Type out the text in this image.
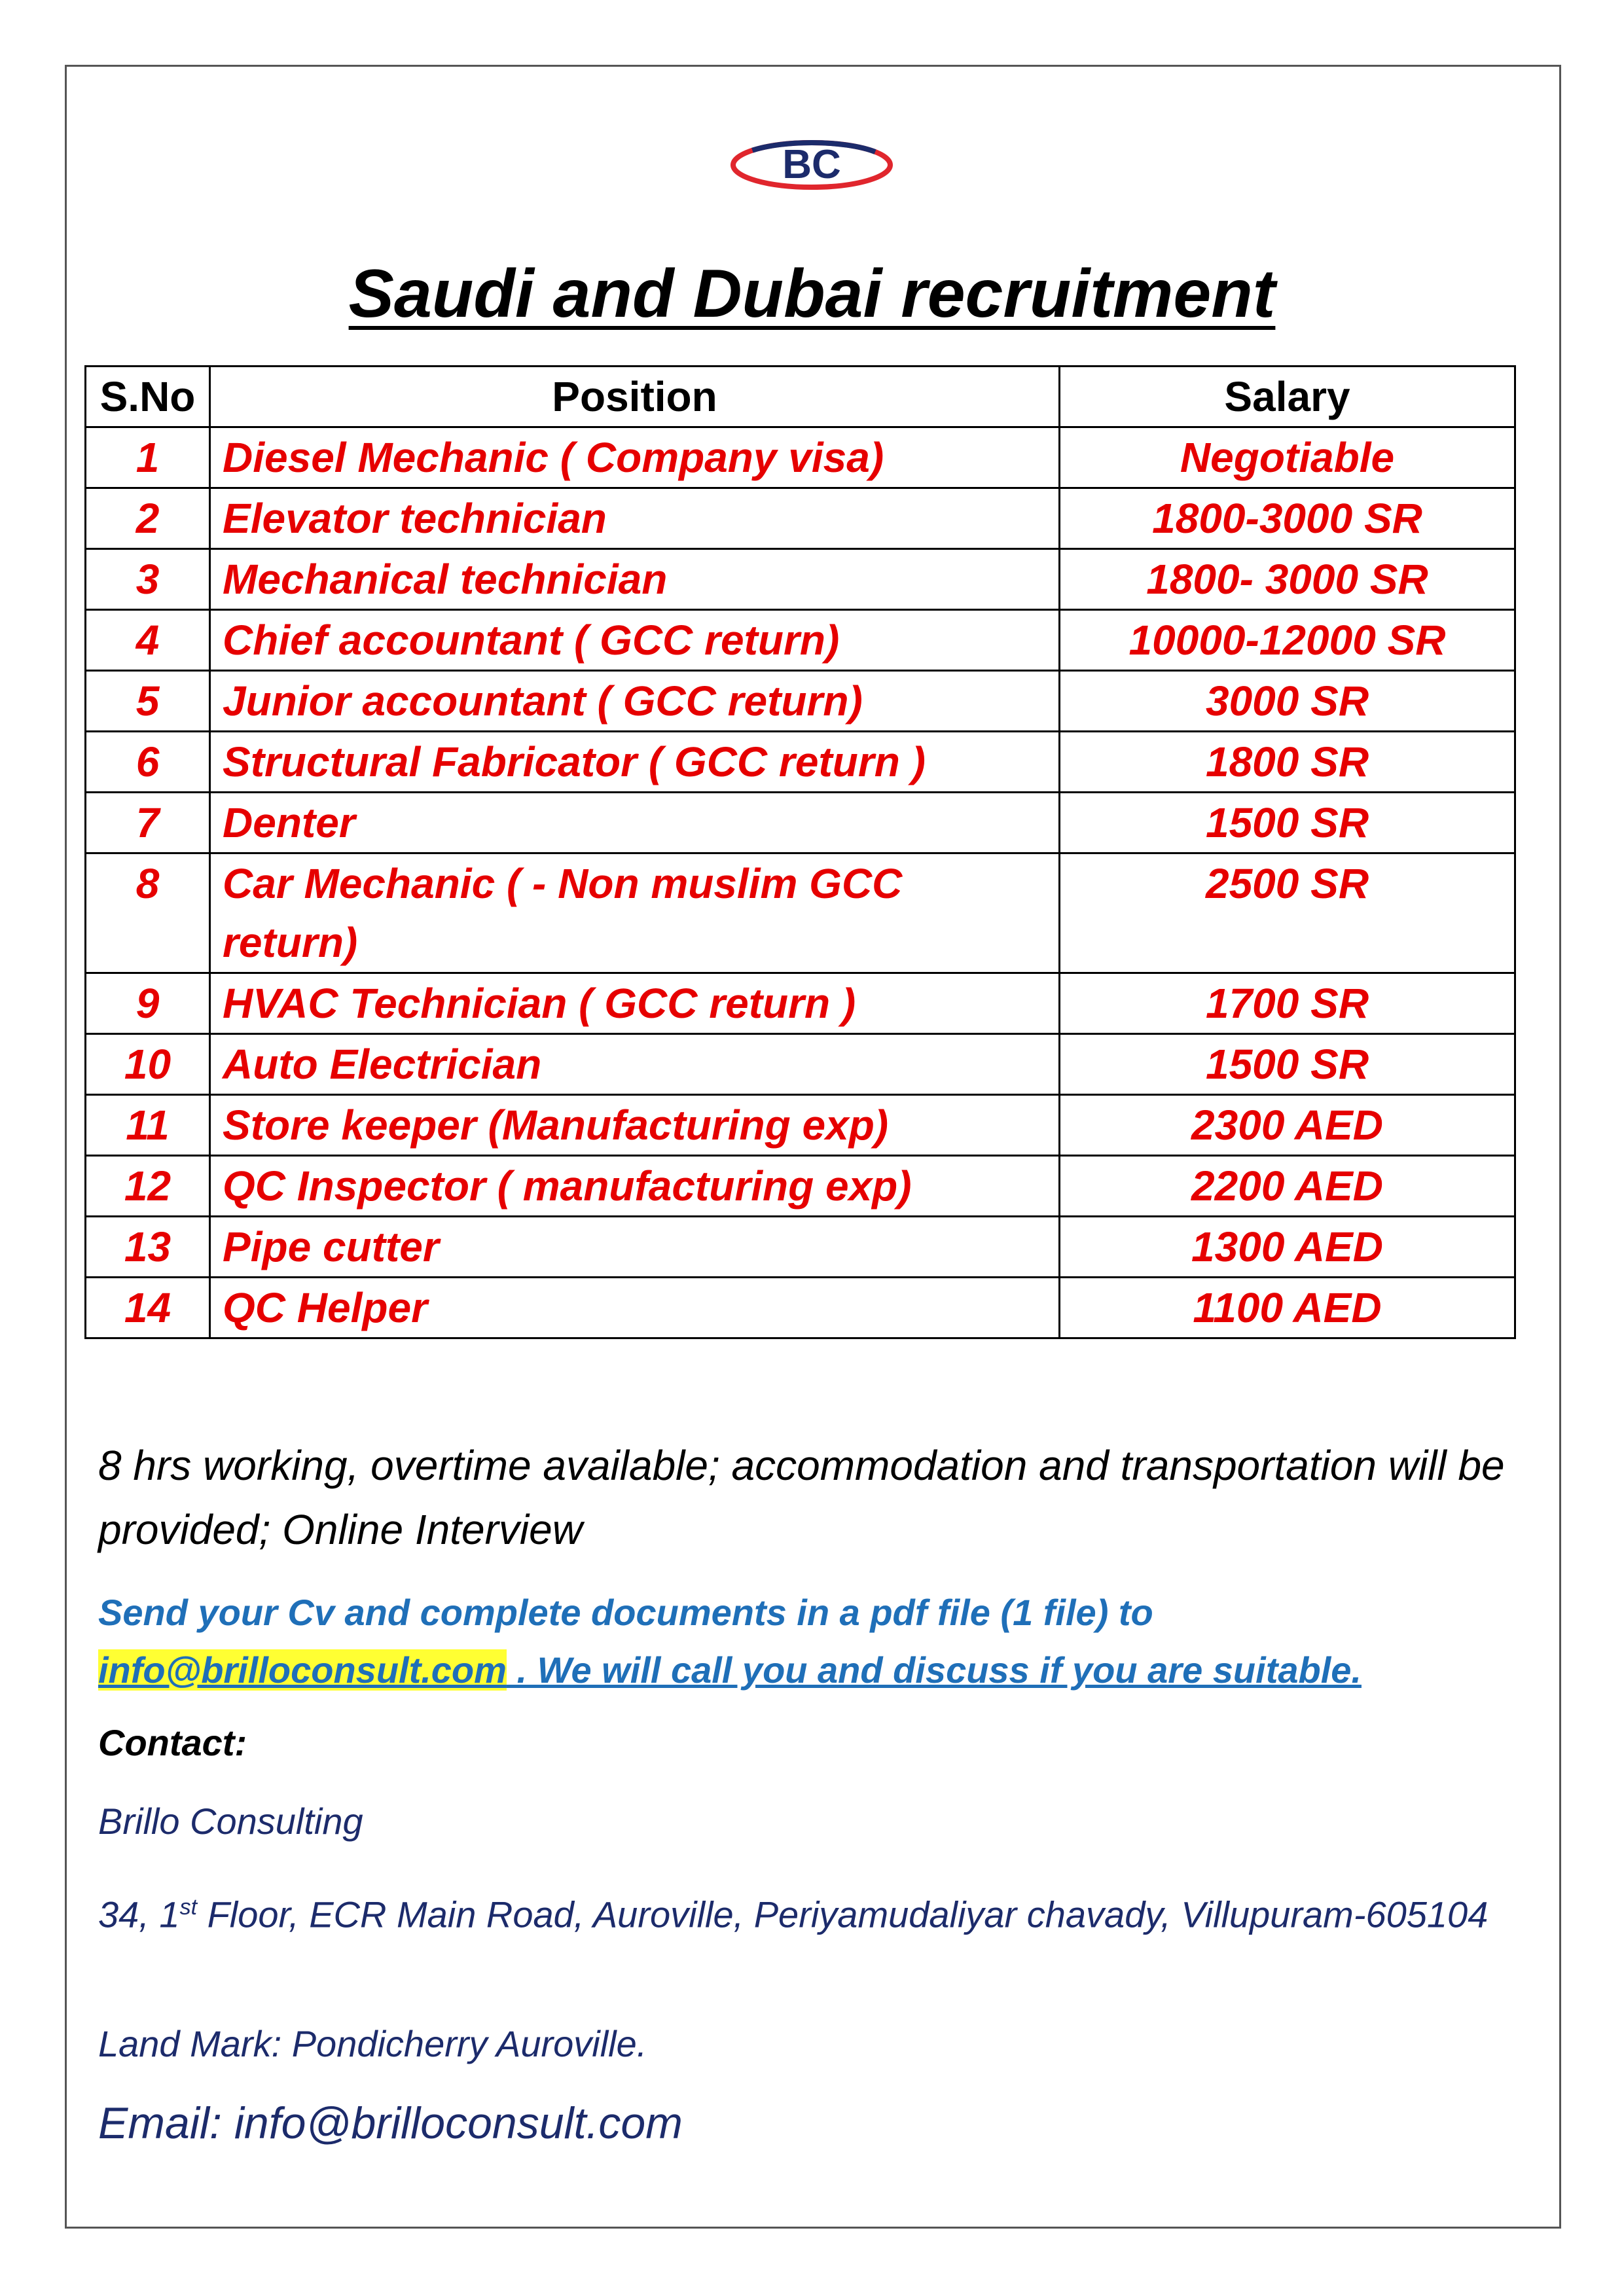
BC
Saudi and Dubai recruitment
S.No	Position	Salary
1	Diesel Mechanic ( Company visa)	Negotiable
2	Elevator technician	1800-3000 SR
3	Mechanical technician	1800- 3000 SR
4	Chief accountant ( GCC return)	10000-12000 SR
5	Junior accountant ( GCC return)	3000 SR
6	Structural Fabricator ( GCC return )	1800 SR
7	Denter	1500 SR
8	Car Mechanic ( - Non muslim GCC return)	2500 SR
9	HVAC Technician ( GCC return )	1700 SR
10	Auto Electrician	1500 SR
11	Store keeper (Manufacturing exp)	2300 AED
12	QC Inspector ( manufacturing exp)	2200 AED
13	Pipe cutter	1300 AED
14	QC Helper	1100 AED
8 hrs working, overtime available; accommodation and transportation will be provided; Online Interview
Send your Cv and complete documents in a pdf file (1 file) to
info@brilloconsult.com . We will call you and discuss if you are suitable.
Contact:
Brillo Consulting
34, 1st Floor, ECR Main Road, Auroville, Periyamudaliyar chavady, Villupuram-605104
Land Mark: Pondicherry Auroville.
Email: info@brilloconsult.com
